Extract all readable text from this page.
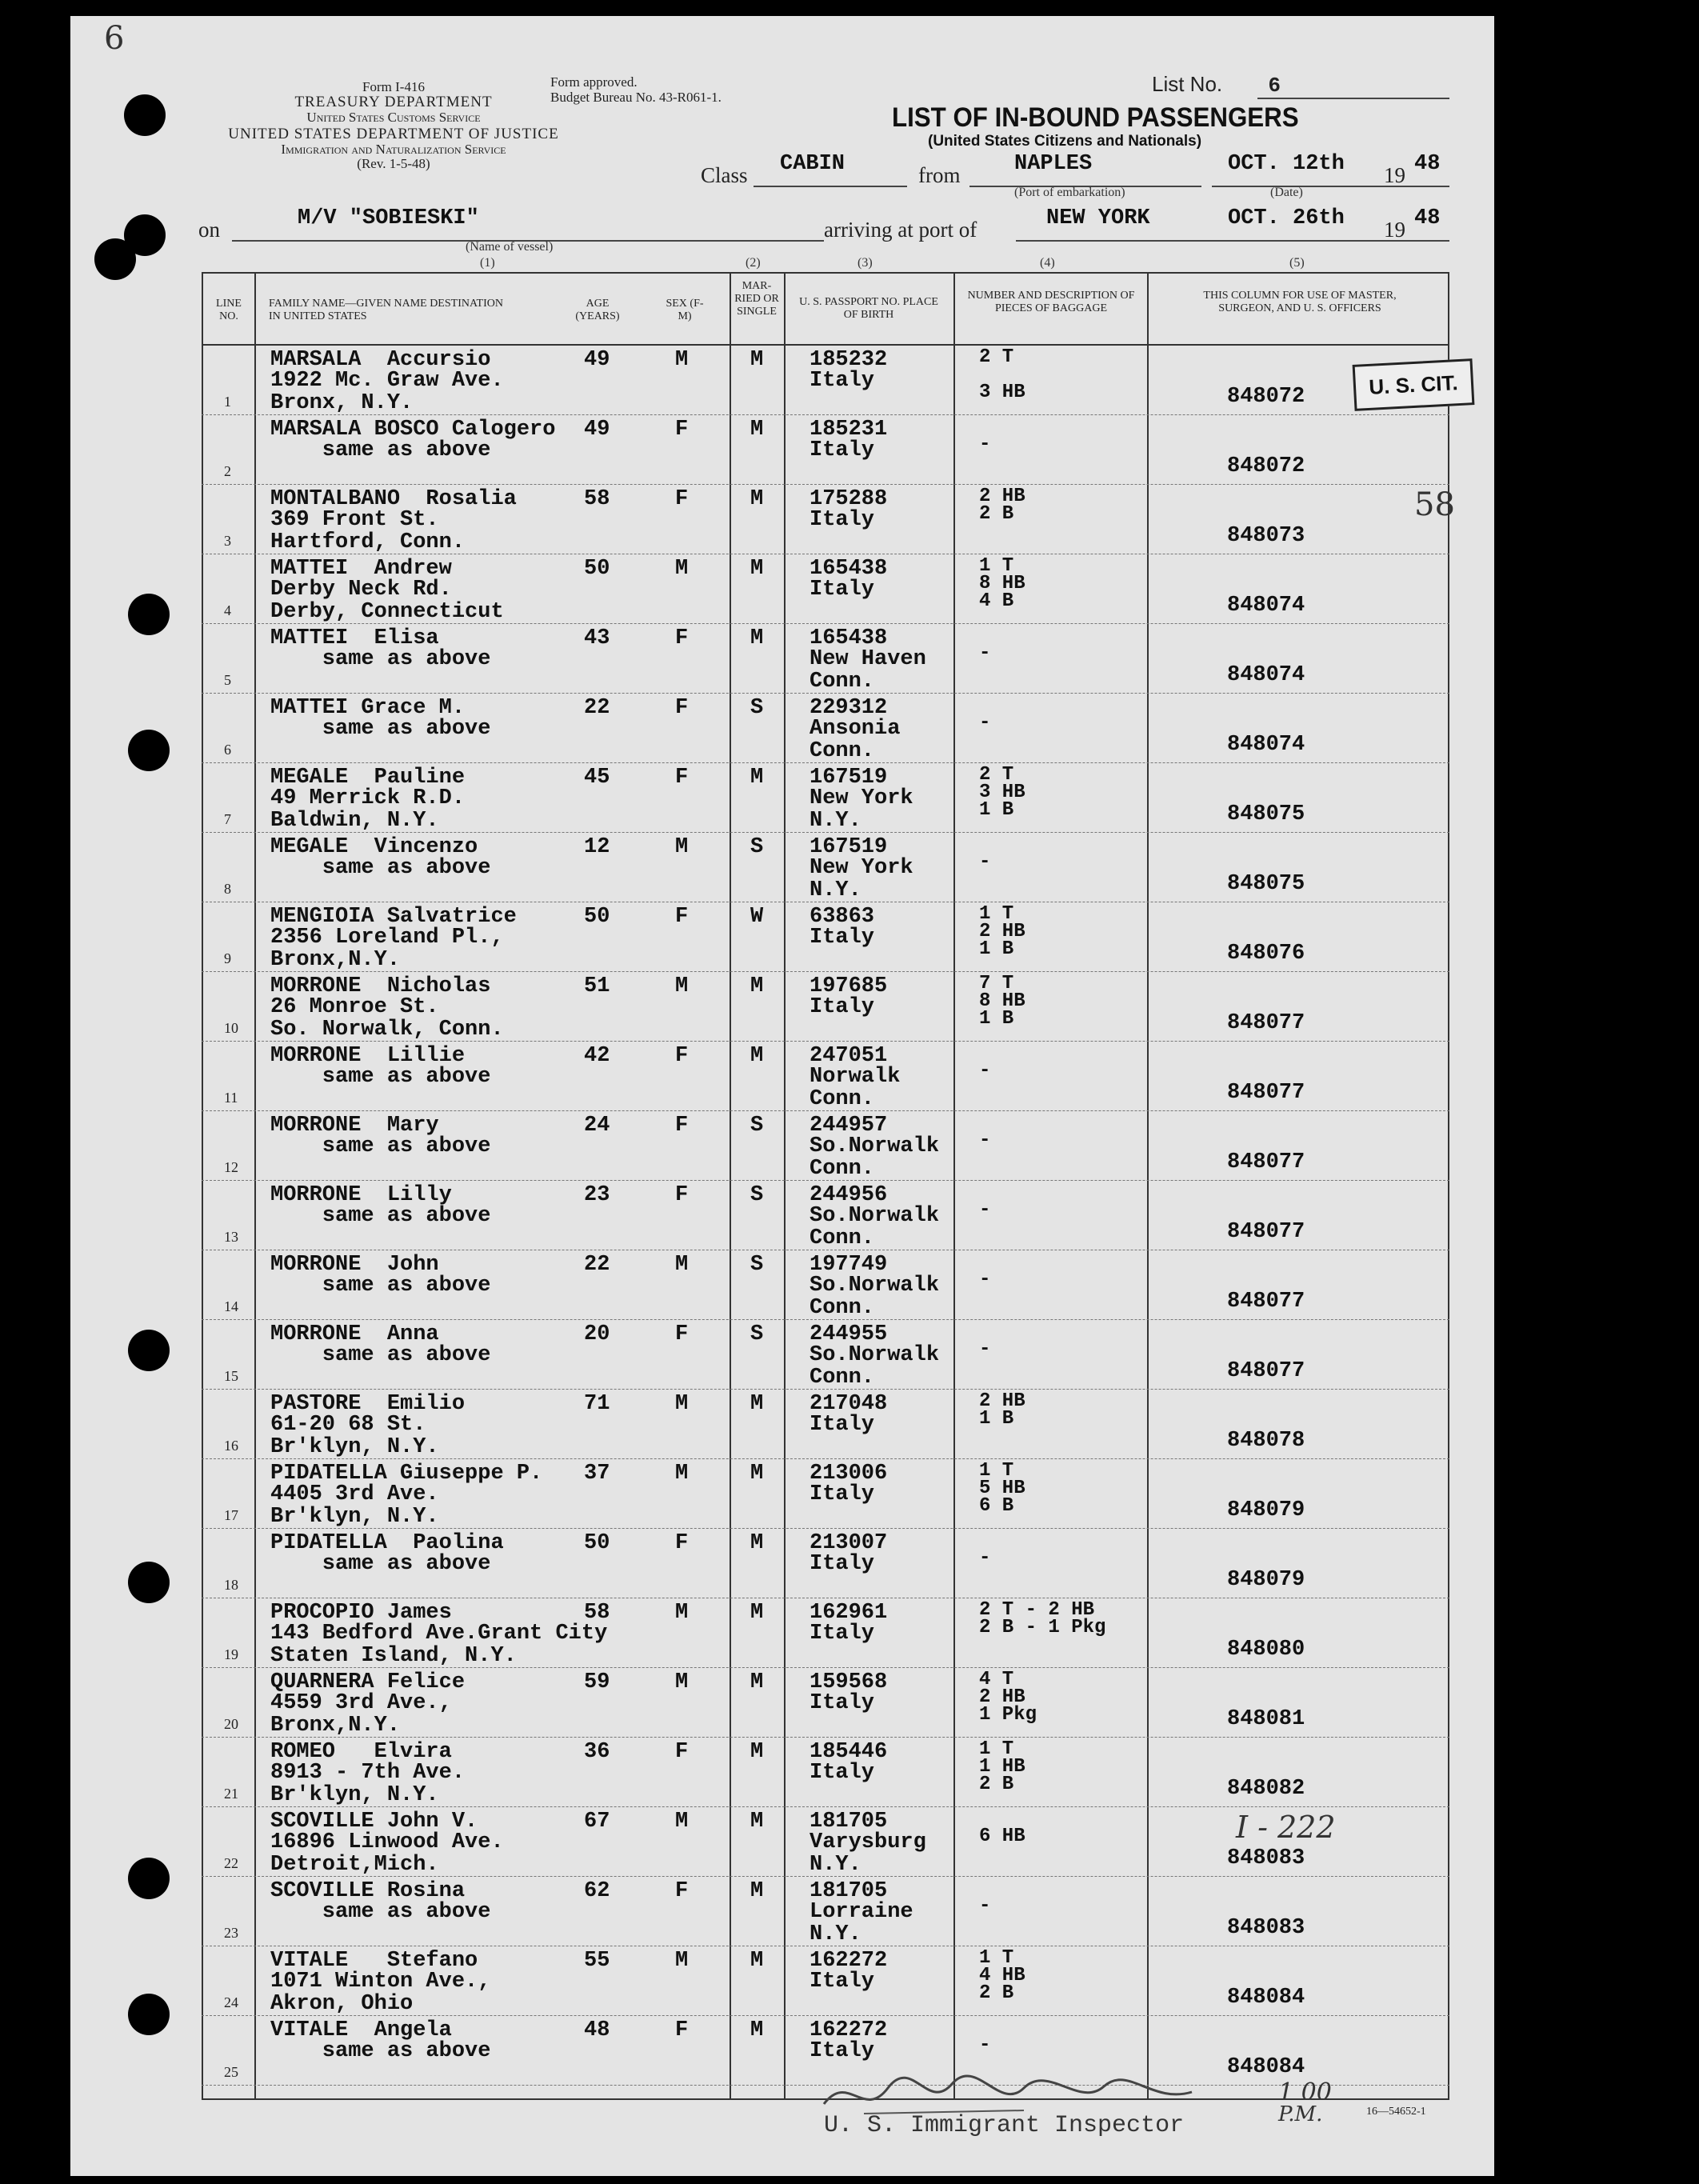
6
Form I-416
TREASURY DEPARTMENT
United States Customs Service
UNITED STATES DEPARTMENT OF JUSTICE
Immigration and Naturalization Service
(Rev. 1-5-48)
Form approved.
Budget Bureau No. 43-R061-1.
List No. 6
LIST OF IN-BOUND PASSENGERS
(United States Citizens and Nationals)
Class CABIN	from	NAPLES
(Port of embarkation)
OCT. 12th 19 48
(Date)
on	M/V "SOBIESKI"
(Name of vessel)
arriving at port of	NEW YORK	OCT. 26th 19 48
(1)	(2)	(3)	(4)	(5)
LINE NO.
FAMILY NAME—GIVEN NAME DESTINATION IN UNITED STATES
AGE (YEARS)
SEX (F-M)
MAR-RIED OR SINGLE
U. S. PASSPORT NO. PLACE OF BIRTH
NUMBER AND DESCRIPTION OF PIECES OF BAGGAGE
THIS COLUMN FOR USE OF MASTER, SURGEON, AND U. S. OFFICERS
1
MARSALA  Accursio
1922 Mc. Graw Ave.
Bronx, N.Y.
49	M	M 185232
Italy
2 T

3 HB	848072
2
MARSALA BOSCO Calogero
same as above
49	F	M 185231
Italy	
-
848072
3
MONTALBANO  Rosalia
369 Front St.
Hartford, Conn.
58	F	M 175288
Italy
2 HB
2 B
848073
4
MATTEI  Andrew
Derby Neck Rd.
Derby, Connecticut
50	M	M 165438
Italy
1 T
8 HB
4 B	848074
5
MATTEI  Elisa
same as above
43	F	M 165438
New Haven
Conn.

-
848074
6
MATTEI Grace M.
same as above
22	F	S 229312
Ansonia
Conn.

-
848074
7
MEGALE  Pauline
49 Merrick R.D.
Baldwin, N.Y.
45	F	M 167519
New York
N.Y.
2 T
3 HB
1 B	848075
8
MEGALE  Vincenzo
same as above
12	M	S 167519
New York
N.Y.

-
848075
9
MENGIOIA Salvatrice
2356 Loreland Pl.,
Bronx,N.Y.
50	F	W 63863
Italy
1 T
2 HB
1 B	848076
10
MORRONE  Nicholas
26 Monroe St.
So. Norwalk, Conn.
51	M	M 197685
Italy
7 T
8 HB
1 B	848077
11
MORRONE  Lillie
same as above
42	F	M 247051
Norwalk
Conn.

-
848077
12
MORRONE  Mary
same as above
24	F	S 244957
So.Norwalk
Conn.

-
848077
13
MORRONE  Lilly
same as above
23	F	S 244956
So.Norwalk
Conn.

-
848077
14
MORRONE  John
same as above
22	M	S 197749
So.Norwalk
Conn.

-
848077
15
MORRONE  Anna
same as above
20	F	S 244955
So.Norwalk
Conn.

-
848077
16
PASTORE  Emilio
61-20 68 St.
Br'klyn, N.Y.
71	M	M 217048
Italy
2 HB
1 B
848078
17
PIDATELLA Giuseppe P.
4405 3rd Ave.
Br'klyn, N.Y.
37	M	M 213006
Italy
1 T
5 HB
6 B	848079
18
PIDATELLA  Paolina
same as above
50	F	M 213007
Italy	
-
848079
19
PROCOPIO James
143 Bedford Ave.Grant City
Staten Island, N.Y.
58	M	M 162961
Italy
2 T - 2 HB
2 B - 1 Pkg
848080
20
QUARNERA Felice
4559 3rd Ave.,
Bronx,N.Y.
59	M	M 159568
Italy
4 T
2 HB
1 Pkg	848081
21
ROMEO   Elvira
8913 - 7th Ave.
Br'klyn, N.Y.
36	F	M 185446
Italy
1 T
1 HB
2 B	848082
22
SCOVILLE John V.
16896 Linwood Ave.
Detroit,Mich.
67	M	M 181705
Varysburg
N.Y.

6 HB
848083
23
SCOVILLE Rosina
same as above
62	F	M 181705
Lorraine
N.Y.

-
848083
24
VITALE   Stefano
1071 Winton Ave.,
Akron, Ohio
55	M	M 162272
Italy
1 T
4 HB
2 B	848084
25
VITALE  Angela
same as above
48	F	M 162272
Italy	
-
848084
U. S. CIT.
58
I - 222
U. S. Immigrant Inspector
1 00
P.M.	16—54652-1
